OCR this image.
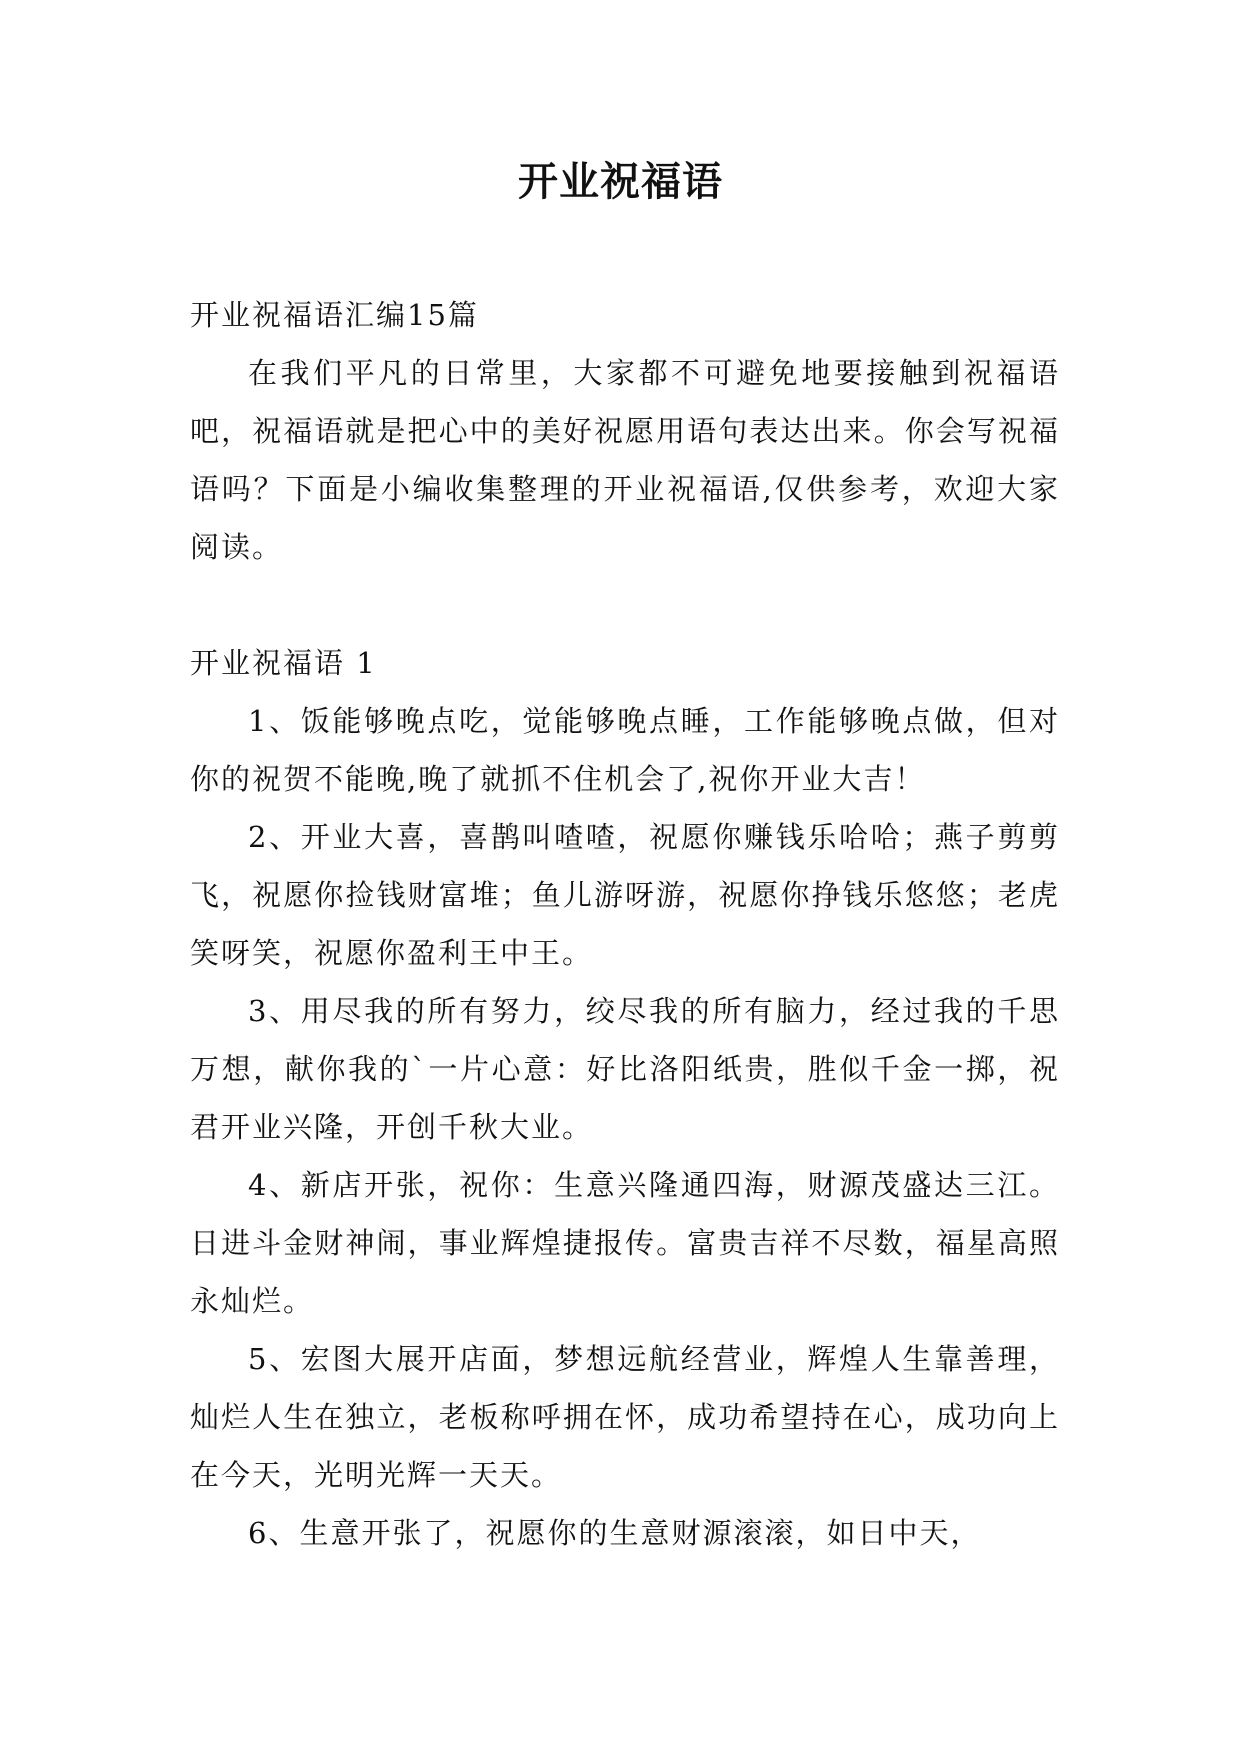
开业祝福语

开业祝福语汇编15篇

在我们平凡的日常里，大家都不可避免地要接触到祝福语吧，祝福语就是把心中的美好祝愿用语句表达出来。你会写祝福语吗？下面是小编收集整理的开业祝福语,仅供参考，欢迎大家阅读。

开业祝福语 1

1、饭能够晚点吃，觉能够晚点睡，工作能够晚点做，但对你的祝贺不能晚,晚了就抓不住机会了,祝你开业大吉！

2、开业大喜，喜鹊叫喳喳，祝愿你赚钱乐哈哈；燕子剪剪飞，祝愿你捡钱财富堆；鱼儿游呀游，祝愿你挣钱乐悠悠；老虎笑呀笑，祝愿你盈利王中王。

3、用尽我的所有努力，绞尽我的所有脑力，经过我的千思万想，献你我的`一片心意：好比洛阳纸贵，胜似千金一掷，祝君开业兴隆，开创千秋大业。

4、新店开张，祝你：生意兴隆通四海，财源茂盛达三江。日进斗金财神闹，事业辉煌捷报传。富贵吉祥不尽数，福星高照永灿烂。

5、宏图大展开店面，梦想远航经营业，辉煌人生靠善理，灿烂人生在独立，老板称呼拥在怀，成功希望持在心，成功向上在今天，光明光辉一天天。

6、生意开张了，祝愿你的生意财源滚滚，如日中天，
